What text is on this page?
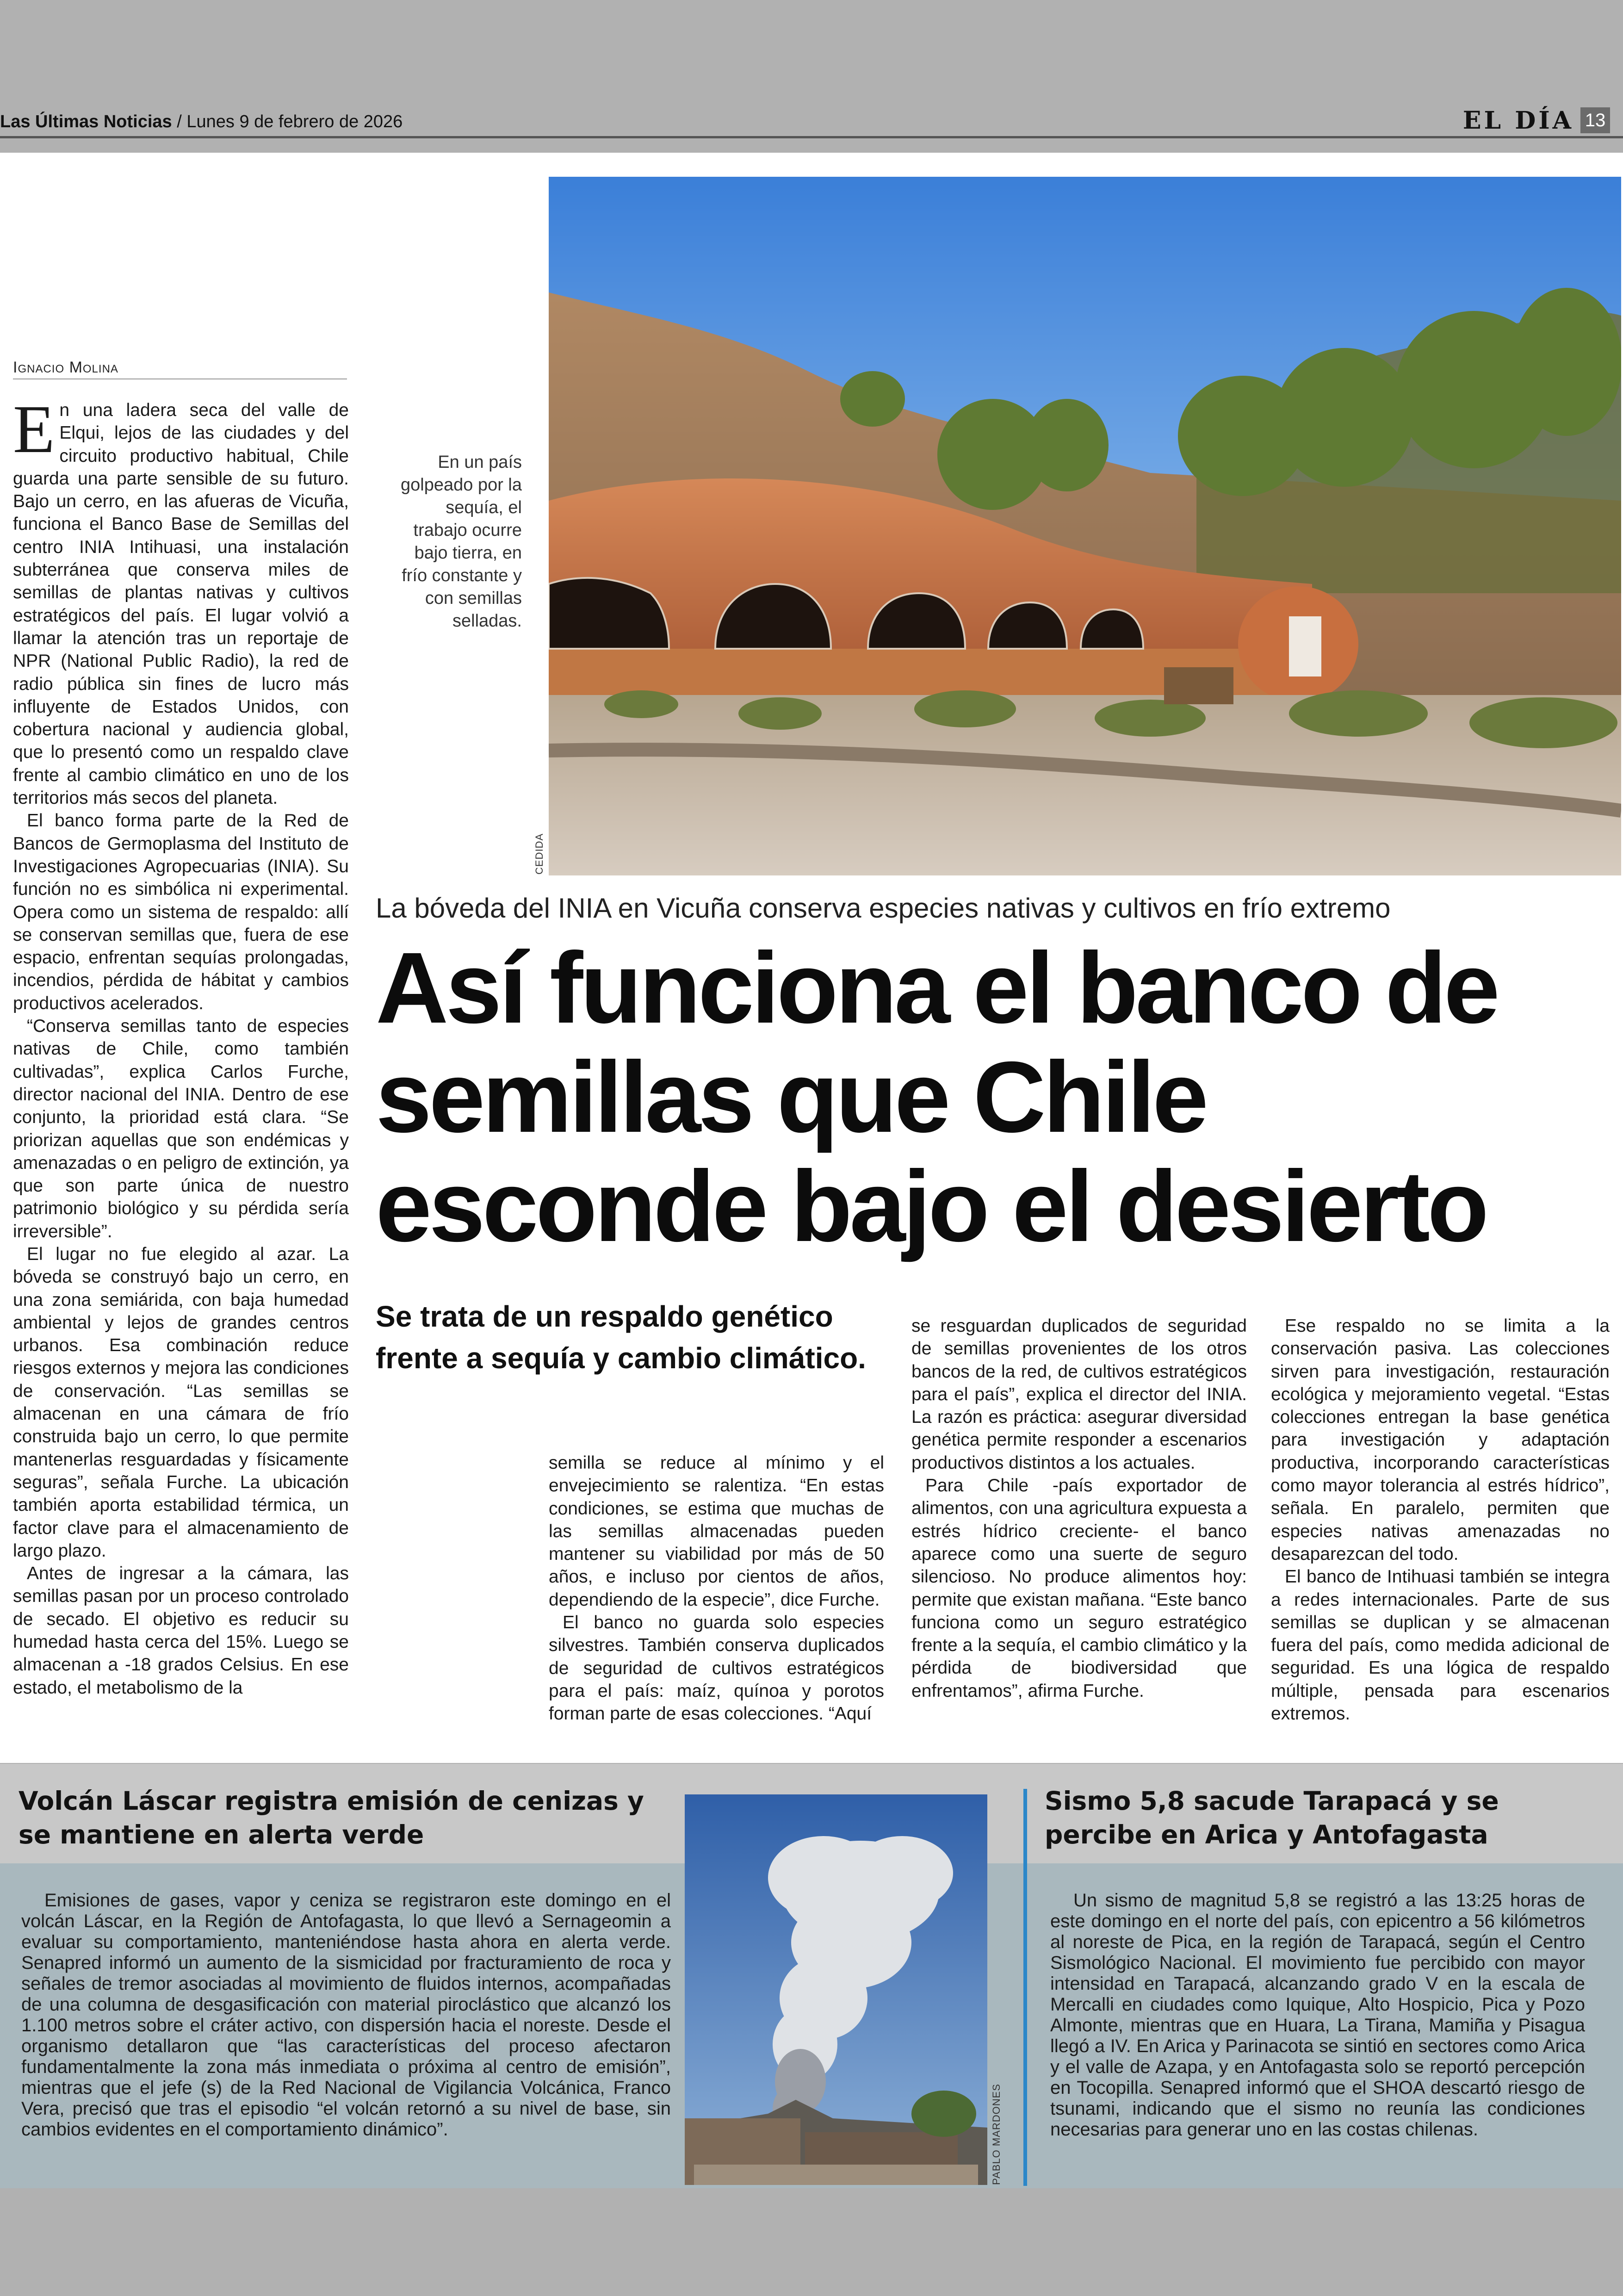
Las Últimas Noticias / Lunes 9 de febrero de 2026	EL DÍA 13
Ignacio Molina

En una ladera seca del valle de Elqui, lejos de las ciudades y del circuito productivo habitual, Chile guarda una parte sensible de su futuro. Bajo un cerro, en las afueras de Vicuña, funciona el Banco Base de Semillas del centro INIA Intihuasi, una instalación subterránea que conserva miles de semillas de plantas nativas y cultivos estratégicos del país. El lugar volvió a llamar la atención tras un reportaje de NPR (National Public Radio), la red de radio pública sin fines de lucro más influyente de Estados Unidos, con cobertura nacional y audiencia global, que lo presentó como un respaldo clave frente al cambio climático en uno de los territorios más secos del planeta.

El banco forma parte de la Red de Bancos de Germoplasma del Instituto de Investigaciones Agropecuarias (INIA). Su función no es simbólica ni experimental. Opera como un sistema de respaldo: allí se conservan semillas que, fuera de ese espacio, enfrentan sequías prolongadas, incendios, pérdida de hábitat y cambios productivos acelerados.

“Conserva semillas tanto de especies nativas de Chile, como también cultivadas”, explica Carlos Furche, director nacional del INIA. Dentro de ese conjunto, la prioridad está clara. “Se priorizan aquellas que son endémicas y amenazadas o en peligro de extinción, ya que son parte única de nuestro patrimonio biológico y su pérdida sería irreversible”.

El lugar no fue elegido al azar. La bóveda se construyó bajo un cerro, en una zona semiárida, con baja humedad ambiental y lejos de grandes centros urbanos. Esa combinación reduce riesgos externos y mejora las condiciones de conservación. “Las semillas se almacenan en una cámara de frío construida bajo un cerro, lo que permite mantenerlas resguardadas y físicamente seguras”, señala Furche. La ubicación también aporta estabilidad térmica, un factor clave para el almacenamiento de largo plazo.

Antes de ingresar a la cámara, las semillas pasan por un proceso controlado de secado. El objetivo es reducir su humedad hasta cerca del 15%. Luego se almacenan a -18 grados Celsius. En ese estado, el metabolismo de la

En un país golpeado por la sequía, el trabajo ocurre bajo tierra, en frío constante y con semillas selladas.
CEDIDA
La bóveda del INIA en Vicuña conserva especies nativas y cultivos en frío extremo
Así funciona el banco de semillas que Chile esconde bajo el desierto
Se trata de un respaldo genético frente a sequía y cambio climático.

semilla se reduce al mínimo y el envejecimiento se ralentiza. “En estas condiciones, se estima que muchas de las semillas almacenadas pueden mantener su viabilidad por más de 50 años, e incluso por cientos de años, dependiendo de la especie”, dice Furche.

El banco no guarda solo especies silvestres. También conserva duplicados de seguridad de cultivos estratégicos para el país: maíz, quínoa y porotos forman parte de esas colecciones. “Aquí

se resguardan duplicados de seguridad de semillas provenientes de los otros bancos de la red, de cultivos estratégicos para el país”, explica el director del INIA. La razón es práctica: asegurar diversidad genética permite responder a escenarios productivos distintos a los actuales.

Para Chile -país exportador de alimentos, con una agricultura expuesta a estrés hídrico creciente- el banco aparece como una suerte de seguro silencioso. No produce alimentos hoy: permite que existan mañana. “Este banco funciona como un seguro estratégico frente a la sequía, el cambio climático y la pérdida de biodiversidad que enfrentamos”, afirma Furche.

Ese respaldo no se limita a la conservación pasiva. Las colecciones sirven para investigación, restauración ecológica y mejoramiento vegetal. “Estas colecciones entregan la base genética para investigación y adaptación productiva, incorporando características como mayor tolerancia al estrés hídrico”, señala. En paralelo, permiten que especies nativas amenazadas no desaparezcan del todo.

El banco de Intihuasi también se integra a redes internacionales. Parte de sus semillas se duplican y se almacenan fuera del país, como medida adicional de seguridad. Es una lógica de respaldo múltiple, pensada para escenarios extremos.

Volcán Láscar registra emisión de cenizas y se mantiene en alerta verde

Emisiones de gases, vapor y ceniza se registraron este domingo en el volcán Láscar, en la Región de Antofagasta, lo que llevó a Sernageomin a evaluar su comportamiento, manteniéndose hasta ahora en alerta verde. Senapred informó un aumento de la sismicidad por fracturamiento de roca y señales de tremor asociadas al movimiento de fluidos internos, acompañadas de una columna de desgasificación con material piroclástico que alcanzó los 1.100 metros sobre el cráter activo, con dispersión hacia el noreste. Desde el organismo detallaron que “las características del proceso afectaron fundamentalmente la zona más inmediata o próxima al centro de emisión”, mientras que el jefe (s) de la Red Nacional de Vigilancia Volcánica, Franco Vera, precisó que tras el episodio “el volcán retornó a su nivel de base, sin cambios evidentes en el comportamiento dinámico”.	PABLO MARDONES
Sismo 5,8 sacude Tarapacá y se percibe en Arica y Antofagasta

Un sismo de magnitud 5,8 se registró a las 13:25 horas de este domingo en el norte del país, con epicentro a 56 kilómetros al noreste de Pica, en la región de Tarapacá, según el Centro Sismológico Nacional. El movimiento fue percibido con mayor intensidad en Tarapacá, alcanzando grado V en la escala de Mercalli en ciudades como Iquique, Alto Hospicio, Pica y Pozo Almonte, mientras que en Huara, La Tirana, Mamiña y Pisagua llegó a IV. En Arica y Parinacota se sintió en sectores como Arica y el valle de Azapa, y en Antofagasta solo se reportó percepción en Tocopilla. Senapred informó que el SHOA descartó riesgo de tsunami, indicando que el sismo no reunía las condiciones necesarias para generar uno en las costas chilenas.
